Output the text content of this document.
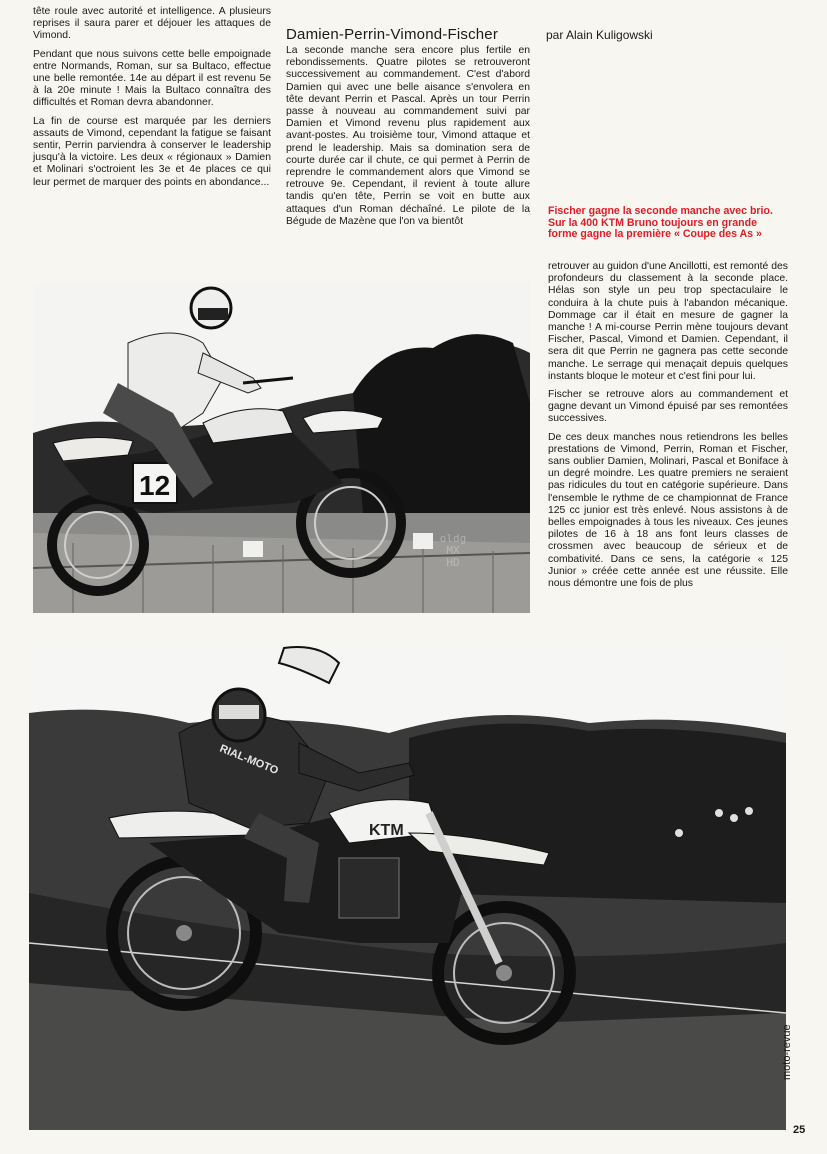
tête roule avec autorité et intelligence. A plusieurs reprises il saura parer et déjouer les attaques de Vimond.

Pendant que nous suivons cette belle empoignade entre Normands, Roman, sur sa Bultaco, effectue une belle remontée. 14e au départ il est revenu 5e à la 20e minute ! Mais la Bultaco connaîtra des difficultés et Roman devra abandonner.

La fin de course est marquée par les derniers assauts de Vimond, cependant la fatigue se faisant sentir, Perrin parviendra à conserver le leadership jusqu'à la victoire. Les deux « régionaux » Damien et Molinari s'octroient les 3e et 4e places ce qui leur permet de marquer des points en abondance...

Damien-Perrin-Vimond-Fischer	par Alain Kuligowski

La seconde manche sera encore plus fertile en rebondissements. Quatre pilotes se retrouveront successivement au commandement. C'est d'abord Damien qui avec une belle aisance s'envolera en tête devant Perrin et Pascal. Après un tour Perrin passe à nouveau au commandement suivi par Damien et Vimond revenu plus rapidement aux avant-postes. Au troisième tour, Vimond attaque et prend le leadership. Mais sa domination sera de courte durée car il chute, ce qui permet à Perrin de reprendre le commandement alors que Vimond se retrouve 9e. Cependant, il revient à toute allure tandis qu'en tête, Perrin se voit en butte aux attaques d'un Roman déchaîné. Le pilote de la Bégude de Mazène que l'on va bientôt

Fischer gagne la seconde manche avec brio. Sur la 400 KTM Bruno toujours en grande forme gagne la première « Coupe des As »

retrouver au guidon d'une Ancillotti, est remonté des profondeurs du classement à la seconde place. Hélas son style un peu trop spectaculaire le conduira à la chute puis à l'abandon mécanique. Dommage car il était en mesure de gagner la manche ! A mi-course Perrin mène toujours devant Fischer, Pascal, Vimond et Damien. Cependant, il sera dit que Perrin ne gagnera pas cette seconde manche. Le serrage qui menaçait depuis quelques instants bloque le moteur et c'est fini pour lui.

Fischer se retrouve alors au commandement et gagne devant un Vimond épuisé par ses remontées successives.

De ces deux manches nous retiendrons les belles prestations de Vimond, Perrin, Roman et Fischer, sans oublier Damien, Molinari, Pascal et Boniface à un degré moindre. Les quatre premiers ne seraient pas ridicules du tout en catégorie supérieure. Dans l'ensemble le rythme de ce championnat de France 125 cc junior est très enlevé. Nous assistons à de belles empoignades à tous les niveaux. Ces jeunes pilotes de 16 à 18 ans font leurs classes de crossmen avec beaucoup de sérieux et de combativité. Dans ce sens, la catégorie « 125 Junior » créée cette année est une réussite. Elle nous démontre une fois de plus

12
oldg
MX
HD
KTM
RIAL-MOTO
moto-revue
25
